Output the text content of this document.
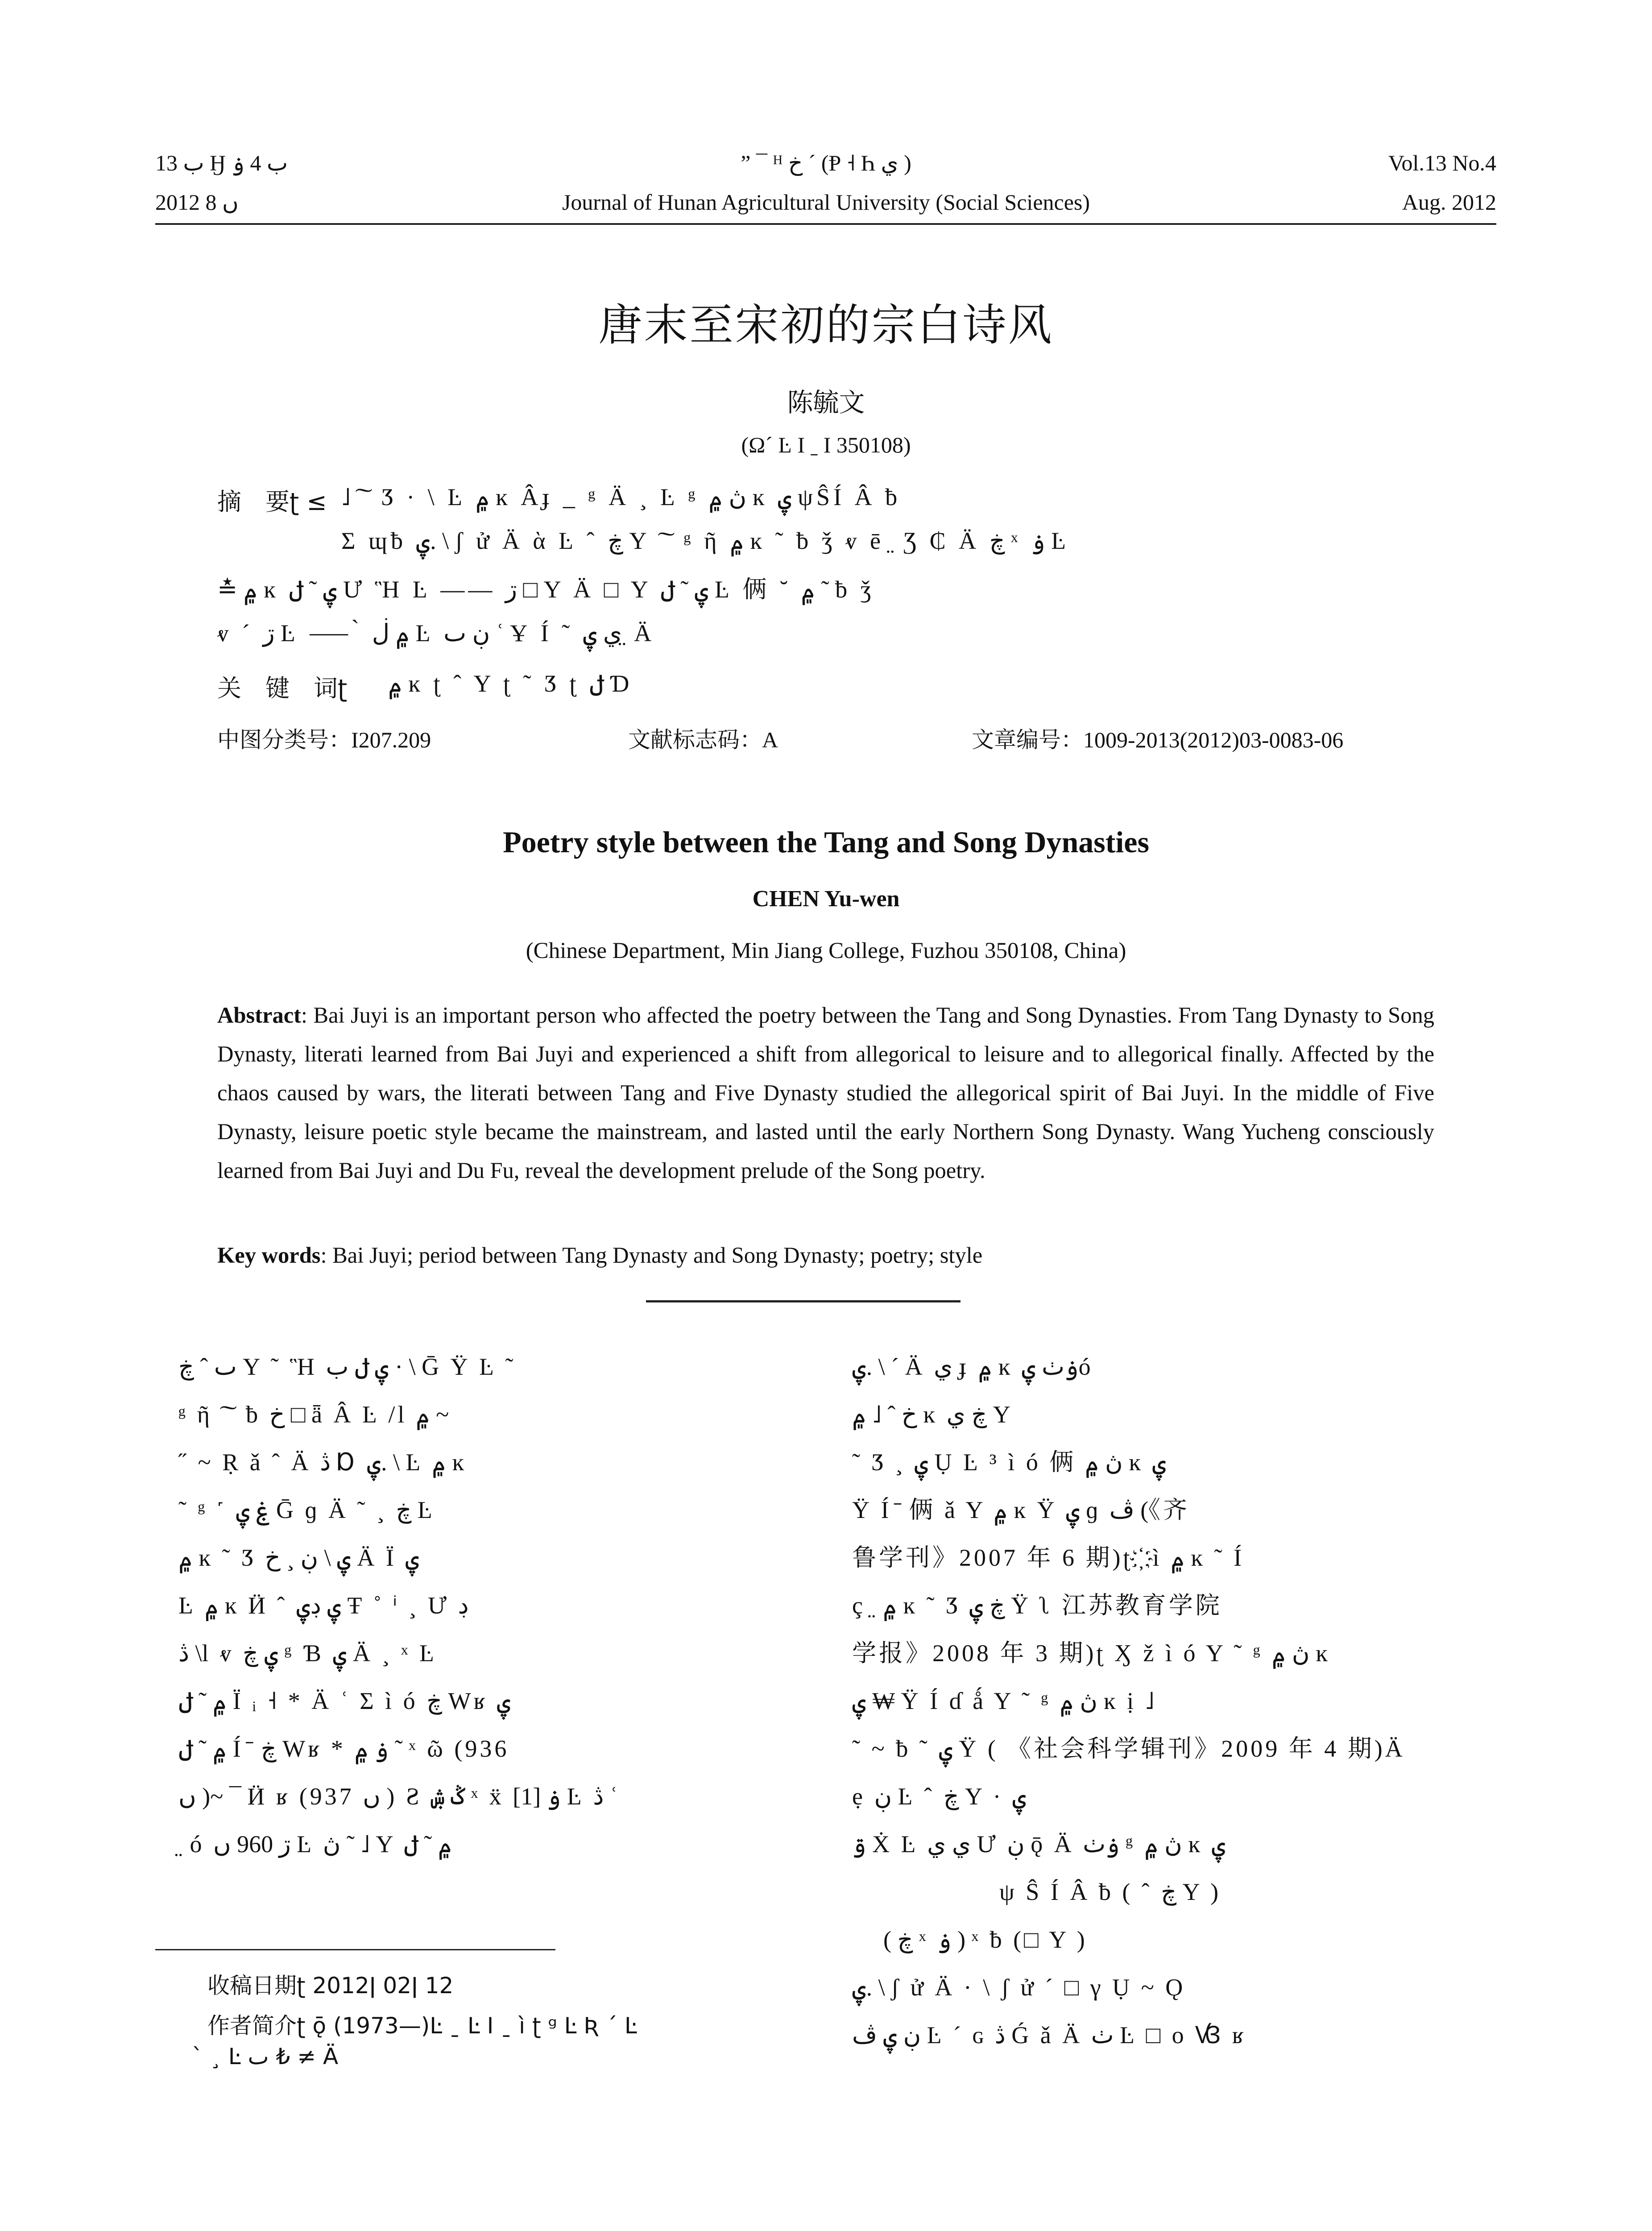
ب 13 Ӈ ب 4 ۏ
2012 ں 8
” ¯ ᴴ خ ˊ (Ᵽ ˧ Һ ي )
Journal of Hunan Agricultural University (Social Sciences)
Vol.13 No.4
Aug. 2012
唐末至宋初的宗白诗风
陈毓文
(Ω´ Ŀ I ˍ I 350108)
摘　要ʈ ≤ ˩ ۑ͠ Ӡ · \ Ŀ ۾ ĸ Âɟ _ ᵍ Ä ¸ Ŀ ᵍ ڽ ۾ ĸ ۑ ψŜÍ Â ƀ
Σ ɰƀ ۑ. \ ʃ ử Ä ὰ Ŀ ˆ ڿ Y ۑ͠ ᵍ ῆ ۾ ĸ ˜ ƀ ǯ ⱴ ē ̤ Ʒ ₵ Ä ڿ ˣ ۏ Ŀ
≛ ۾ ĸ ۑ ˜ ݪ Ư Ἣ Ŀ —— ڗ □ Y Ä □ Y ۑ ˜ ݪ Ŀ 俩 ˘ ۾ ˜ ƀ ǯ
ⱴ ˊ ڗ Ŀ ⸺ ̀ ۾ ڶ Ŀ ڹ ٮ ʿ Ұ Í ˜ ي ۑ ̤ Ä
关　键　词ʈ ۾ ĸ ʈ ˆ Y ʈ ˜ Ӡ ʈ ݪ Ɗ
中图分类号：I207.209	文献标志码：A	文章编号：1009-2013(2012)03-0083-06
Poetry style between the Tang and Song Dynasties
CHEN Yu-wen
(Chinese Department, Min Jiang College, Fuzhou 350108, China)
Abstract: Bai Juyi is an important person who affected the poetry between the Tang and Song Dynasties. From Tang Dynasty to Song Dynasty, literati learned from Bai Juyi and experienced a shift from allegorical to leisure and to allegorical finally. Affected by the chaos caused by wars, the literati between Tang and Five Dynasty studied the allegorical spirit of Bai Juyi. In the middle of Five Dynasty, leisure poetic style became the mainstream, and lasted until the early Northern Song Dynasty. Wang Yucheng consciously learned from Bai Juyi and Du Fu, reveal the development prelude of the Song poetry.
Key words: Bai Juyi; period between Tang Dynasty and Song Dynasty; poetry; style
ٮ ˆ ڿ Y ˜ Ἣ ۑ ݪ ب · \ Ḡ Ÿ Ŀ ˜
ᵍ ῆ ۑ͠ ƀ خ □ ǟ Â Ŀ /l ۾ ~
˝ ~ Ṛ ǎ ˆ Ä ڎ Ɒ ۑ. \ Ŀ ۾ ĸ
˜ ᵍ ˹ ۼ ۑ Ḡ ɡ Ä ˜ ¸ ڿ Ŀ
۾ ĸ ˜ Ӡ ۑ \ ڹ ¸ خ Ä Ϊ ۑ
Ŀ ۾ ĸ Ӥ ˆ ۑ ڊۑ Ŧ ˚ ⁱ ¸ Ư ڊ
ڎ \l ⱴ ۑ ڿ ᵍ Ɓ ۑ Ä ¸ ˣ Ŀ
۾ ˜ ݪ Ϊ ᵢ ˧ * Ä ʿ Σ ì ó ڿ Wʁ ۑ
۾ ˜ ݪ Í ̄ ڿ Wʁ * ۏ ۾ ˜ ˣ ῶ (936
ں )~ ¯ Ӥ ʁ (937 ں ) Ƨ ݣ ۺ ˣ ẍ ۏ [1] Ŀ ڎ ʿ
̤ ó ڗ 960 ں Ŀ ڽ ˜ ˩ Y ۾ ˜ ݪ
ۑ. \ ˊ Ä ي ɟ ۾ ĸ ۏٺ ۑó
خ ˆ ˩ ۾ ĸ ڿ ي Y
˜ Ӡ ¸ ۑ Ụ Ŀ ³ ì ó 俩 ڽ ۾ ĸ ۑ
Ÿ Í ̄ 俩 ǎ Y ۾ ĸ Ÿ ۑ ɡ ڤ (《齐
鲁学刊》2007 年 6 期)ʈ ҉ ì ۾ ĸ ˜ Í
ç ̤ ۾ ĸ ˜ Ӡ ڿ ۑ Ÿ ʅ 江苏教育学院
学报》2008 年 3 期)ʈ Ӽ ž ì ó Y ˜ ᵍ ڽ ۾ ĸ
ۑ ₩ Ÿ Í ɗ ǻ Y ˜ ᵍ ڽ ۾ ĸ ị ˩
˜ ~ ƀ ˜ ۑ Ÿ ( 《社会科学辑刊》2009 年 4 期)Ä
ẹ ڹ Ŀ ˆ ڿ Y · ۑ
ۊ Ẋ Ŀ ي ي Ư ڹ ǭ Ä ۏٺ ᵍ ڽ ۾ ĸ ۑ
ψ Ŝ Í Â ƀ ( ˆ ڿ Y )
( ڿ ˣ ۏ ) ˣ ƀ (□ Y )
ۑ. \ ʃ ử Ä · \ ʃ ử ´ □ γ Ụ ~ Ǫ
ڹ ۑ ڤ Ŀ ´ ɢ ڎ Ǵ ǎ Ä ٺ Ŀ □ o Ꟃ ʁ
收稿日期ʈ 2012ǀ 02ǀ 12
作者简介ʈ ǭ (1973—)Ŀ ˍ Ŀ I ˍ ì ʈ ᵍ Ŀ Ʀ ˊ Ŀ
ˋ ¸ Ŀ ٮ ₺ ≠ Ä
